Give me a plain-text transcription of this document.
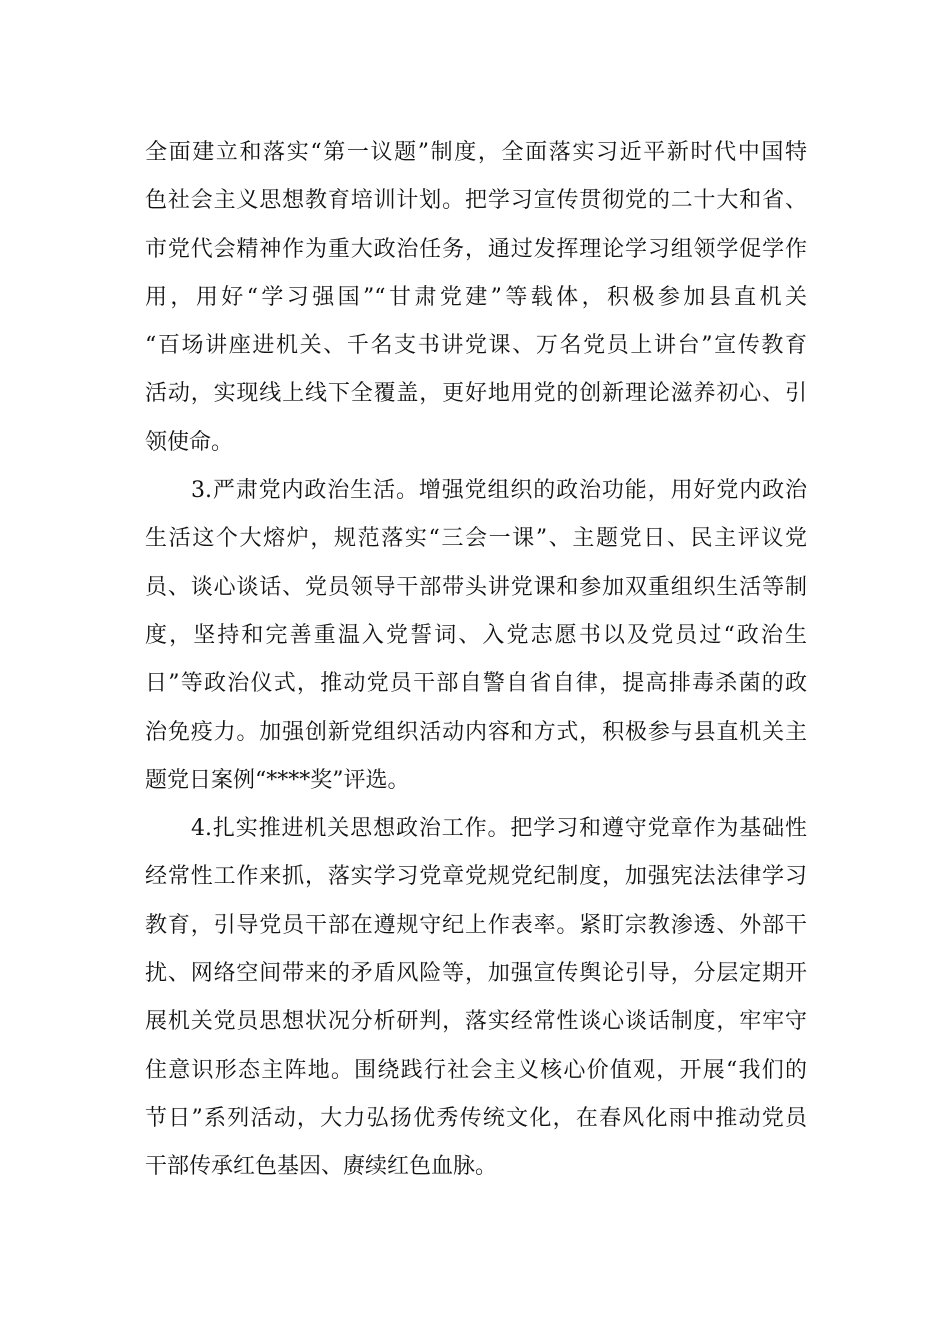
全面建立和落实“第一议题”制度，全面落实习近平新时代中国特
色社会主义思想教育培训计划。把学习宣传贯彻党的二十大和省、
市党代会精神作为重大政治任务，通过发挥理论学习组领学促学作
用，用好“学习强国”“甘肃党建”等载体，积极参加县直机关
“百场讲座进机关、千名支书讲党课、万名党员上讲台”宣传教育
活动，实现线上线下全覆盖，更好地用党的创新理论滋养初心、引
领使命。
3.严肃党内政治生活。增强党组织的政治功能，用好党内政治
生活这个大熔炉，规范落实“三会一课”、主题党日、民主评议党
员、谈心谈话、党员领导干部带头讲党课和参加双重组织生活等制
度，坚持和完善重温入党誓词、入党志愿书以及党员过“政治生
日”等政治仪式，推动党员干部自警自省自律，提高排毒杀菌的政
治免疫力。加强创新党组织活动内容和方式，积极参与县直机关主
题党日案例“****奖”评选。
4.扎实推进机关思想政治工作。把学习和遵守党章作为基础性
经常性工作来抓，落实学习党章党规党纪制度，加强宪法法律学习
教育，引导党员干部在遵规守纪上作表率。紧盯宗教渗透、外部干
扰、网络空间带来的矛盾风险等，加强宣传舆论引导，分层定期开
展机关党员思想状况分析研判，落实经常性谈心谈话制度，牢牢守
住意识形态主阵地。围绕践行社会主义核心价值观，开展“我们的
节日”系列活动，大力弘扬优秀传统文化，在春风化雨中推动党员
干部传承红色基因、赓续红色血脉。
